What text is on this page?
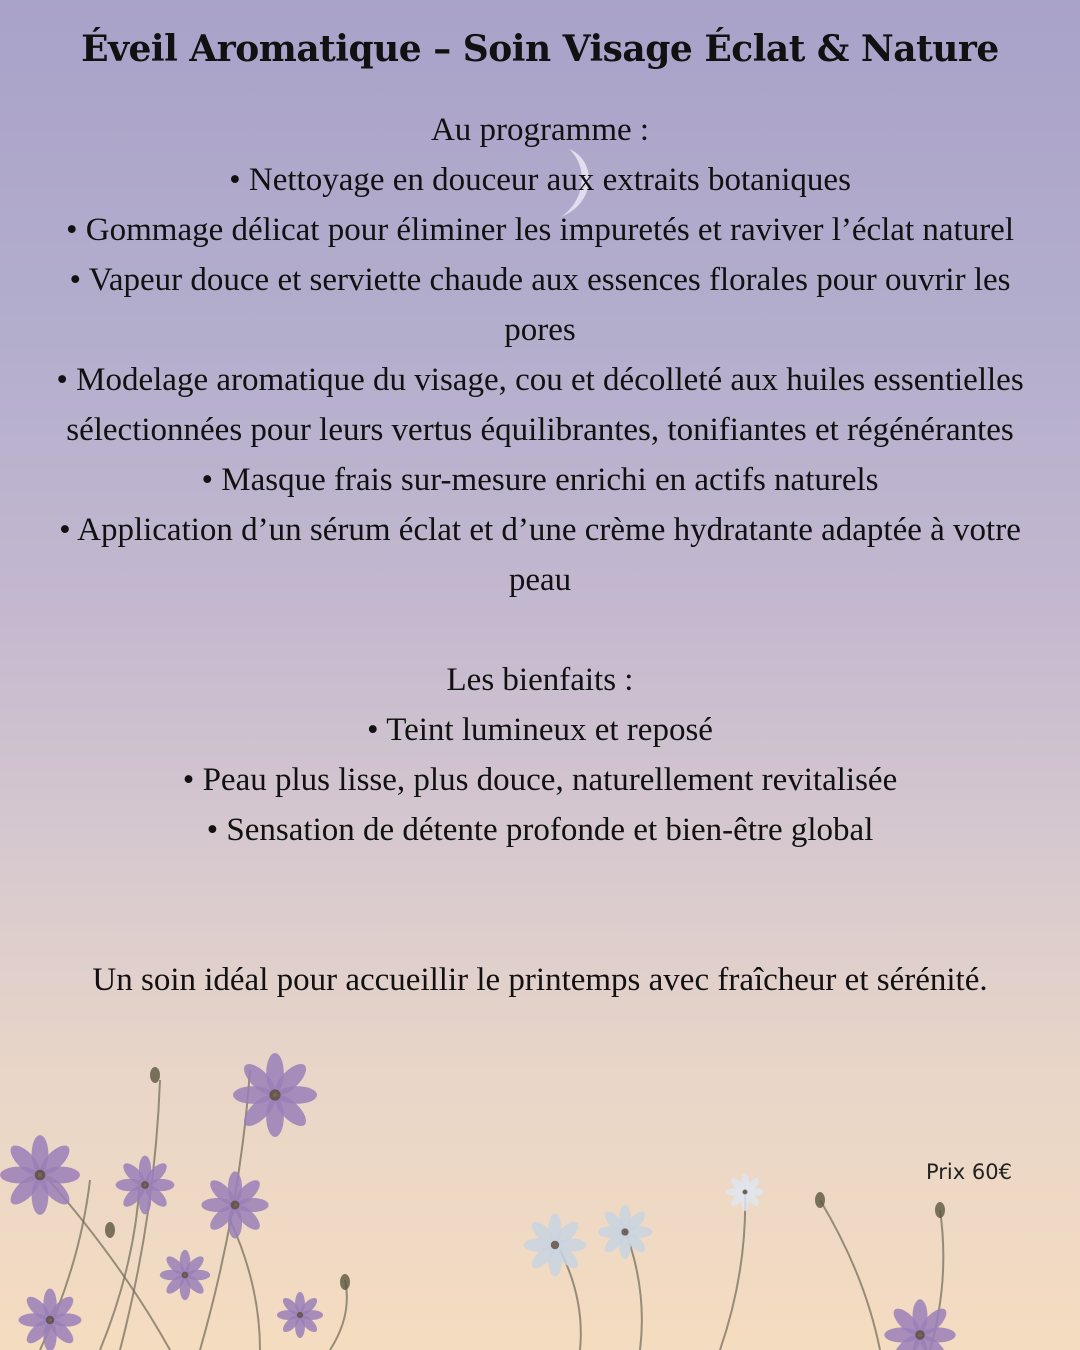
Éveil Aromatique – Soin Visage Éclat & Nature
Au programme :
• Nettoyage en douceur aux extraits botaniques
• Gommage délicat pour éliminer les impuretés et raviver l’éclat naturel
• Vapeur douce et serviette chaude aux essences florales pour ouvrir les
pores
• Modelage aromatique du visage, cou et décolleté aux huiles essentielles
sélectionnées pour leurs vertus équilibrantes, tonifiantes et régénérantes
• Masque frais sur-mesure enrichi en actifs naturels
• Application d’un sérum éclat et d’une crème hydratante adaptée à votre
peau
Les bienfaits :
• Teint lumineux et reposé
• Peau plus lisse, plus douce, naturellement revitalisée
• Sensation de détente profonde et bien-être global
Un soin idéal pour accueillir le printemps avec fraîcheur et sérénité.
Prix 60€
